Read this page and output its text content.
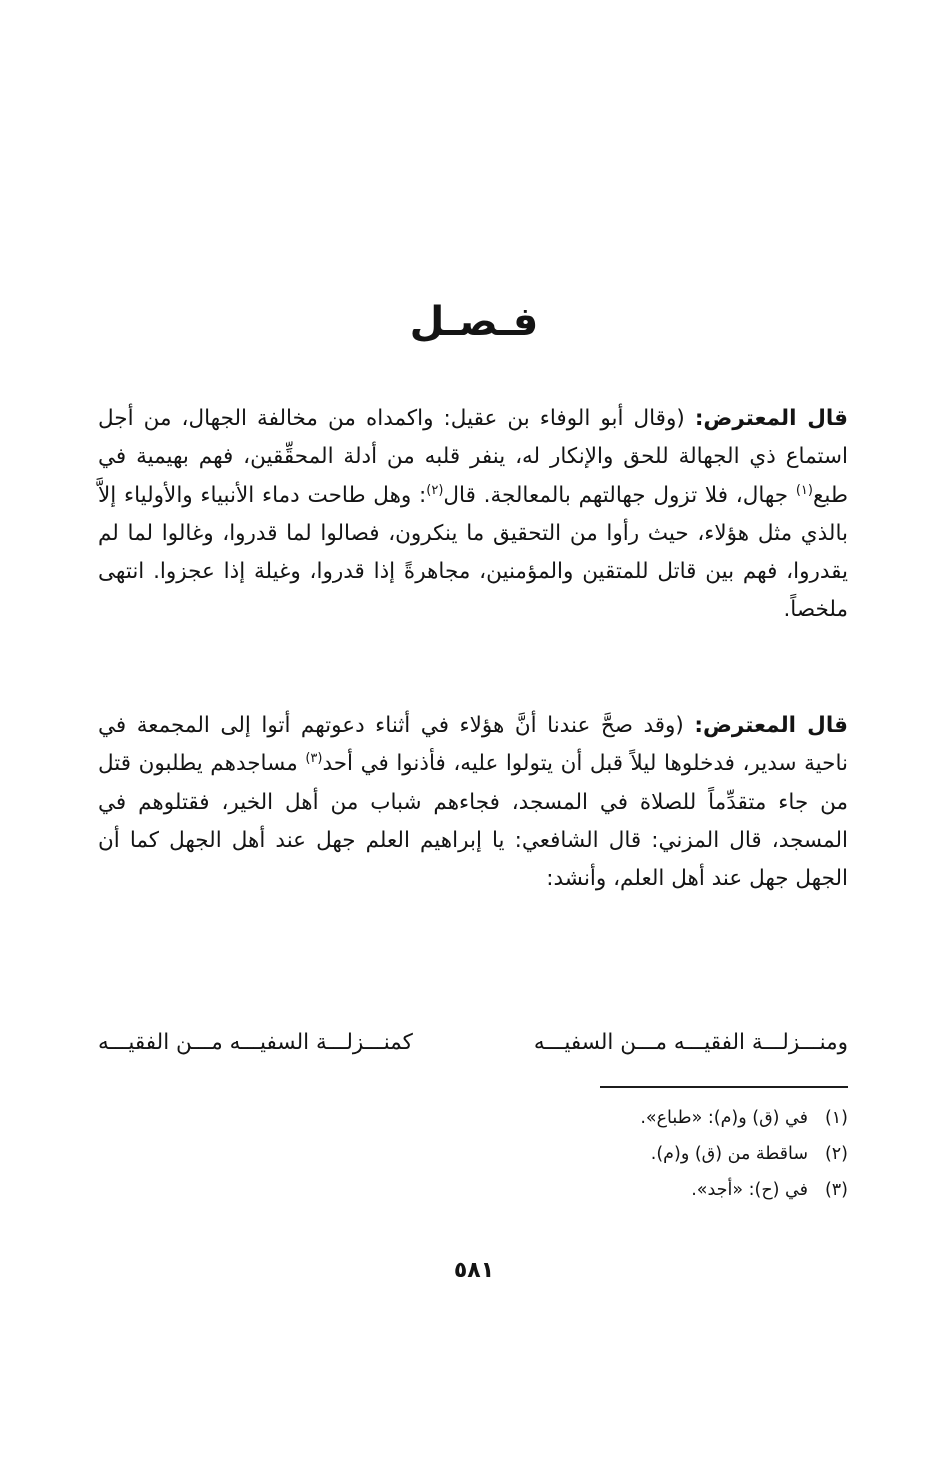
فـصـل
قال المعترض: (وقال أبو الوفاء بن عقيل: واكمداه من مخالفة الجهال، من أجل استماع ذي الجهالة للحق والإنكار له، ينفر قلبه من أدلة المحقِّقين، فهم بهيمية في طبع$^{(١)}$ جهال، فلا تزول جهالتهم بالمعالجة. قال$^{(٢)}$: وهل طاحت دماء الأنبياء والأولياء إلاَّ بالذي مثل هؤلاء، حيث رأوا من التحقيق ما ينكرون، فصالوا لما قدروا، وغالوا لما لم يقدروا، فهم بين قاتل للمتقين والمؤمنين، مجاهرةً إذا قدروا، وغيلة إذا عجزوا. انتهى ملخصاً.
قال المعترض: (وقد صحَّ عندنا أنَّ هؤلاء في أثناء دعوتهم أتوا إلى المجمعة في ناحية سدير، فدخلوها ليلاً قبل أن يتولوا عليه، فأذنوا في أحد$^{(٣)}$ مساجدهم يطلبون قتل من جاء متقدِّماً للصلاة في المسجد، فجاءهم شباب من أهل الخير، فقتلوهم في المسجد، قال المزني: قال الشافعي: يا إبراهيم العلم جهل عند أهل الجهل كما أن الجهل جهل عند أهل العلم، وأنشد:
ومنـــزلـــة الفقيـــه مـــن السفيـــه
كمنـــزلـــة السفيـــه مـــن الفقيـــه
(١)في (ق) و(م): «طباع».
(٢)ساقطة من (ق) و(م).
(٣)في (ح): «أجد».
٥٨١
